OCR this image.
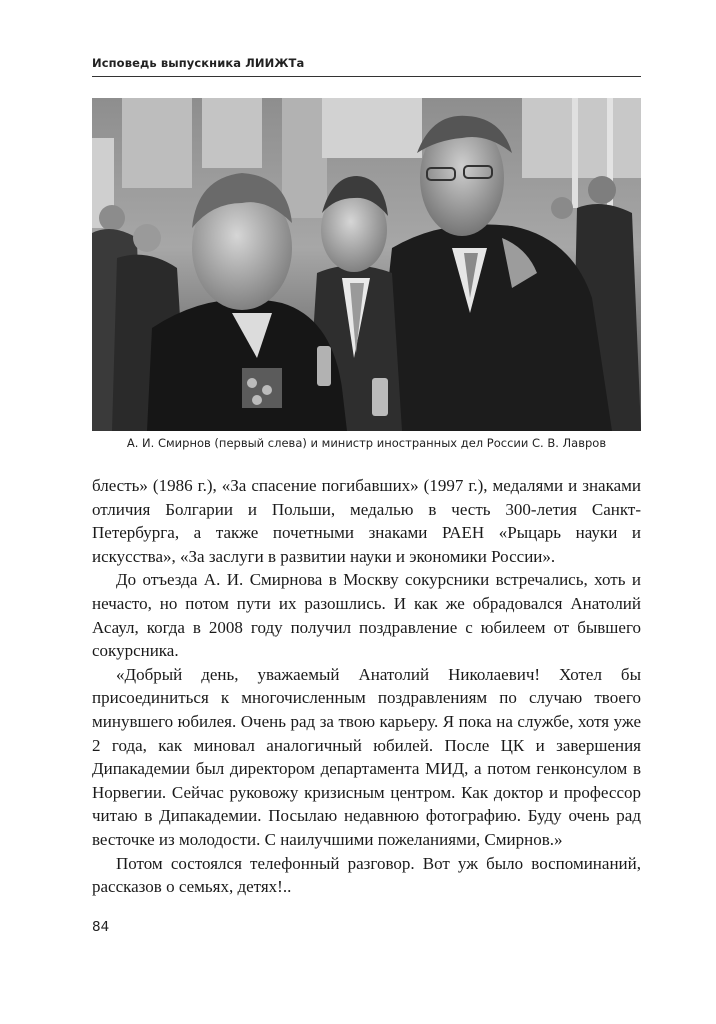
Исповедь выпускника ЛИИЖТа
А. И. Смирнов (первый слева) и министр иностранных дел России С. В. Лавров

блесть» (1986 г.), «За спасение погибавших» (1997 г.), медалями и знаками отличия Болгарии и Польши, медалью в честь 300-летия Санкт-Петербурга, а также почетными знаками РАЕН «Рыцарь науки и искусства», «За заслуги в развитии науки и экономики России».

До отъезда А. И. Смирнова в Москву сокурсники встречались, хоть и нечасто, но потом пути их разошлись. И как же обрадовался Анатолий Асаул, когда в 2008 году получил поздравление с юбилеем от бывшего сокурсника.

«Добрый день, уважаемый Анатолий Николаевич! Хотел бы присоединиться к многочисленным поздравлениям по случаю твоего минувшего юбилея. Очень рад за твою карьеру. Я пока на службе, хотя уже 2 года, как миновал аналогичный юбилей. После ЦК и завершения Дипакадемии был директором департамента МИД, а потом генконсулом в Норвегии. Сейчас руковожу кризисным центром. Как доктор и профессор читаю в Дипакадемии. Посылаю недавнюю фотографию. Буду очень рад весточке из молодости. С наилучшими пожеланиями, Смирнов.»

Потом состоялся телефонный разговор. Вот уж было воспоминаний, рассказов о семьях, детях!..

84
